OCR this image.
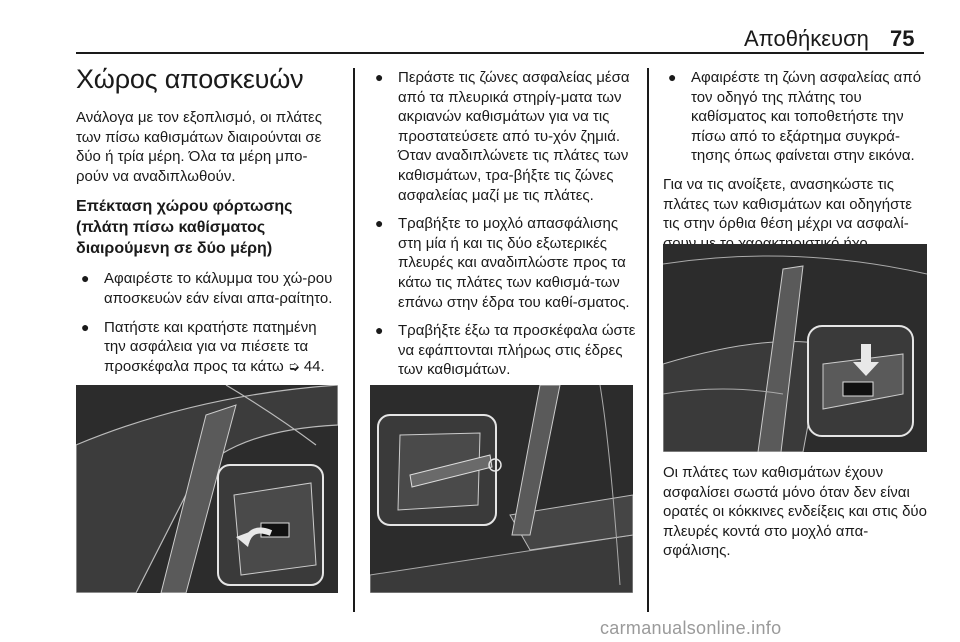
Αποθήκευση 75
Χώρος αποσκευών

Ανάλογα με τον εξοπλισμό, οι πλάτες των πίσω καθισμάτων διαιρούνται σε δύο ή τρία μέρη. Όλα τα μέρη μπο-ρούν να αναδιπλωθούν.

Επέκταση χώρου φόρτωσης (πλάτη πίσω καθίσματος διαιρούμενη σε δύο μέρη)
● Αφαιρέστε το κάλυμμα του χώ-ρου αποσκευών εάν είναι απα-ραίτητο.
● Πατήστε και κρατήστε πατημένη την ασφάλεια για να πιέσετε τα προσκέφαλα προς τα κάτω ➭ 44.
● Περάστε τις ζώνες ασφαλείας μέσα από τα πλευρικά στηρίγ-ματα των ακριανών καθισμάτων για να τις προστατεύσετε από τυ-χόν ζημιά. Όταν αναδιπλώνετε τις πλάτες των καθισμάτων, τρα-βήξτε τις ζώνες ασφαλείας μαζί με τις πλάτες.
● Τραβήξτε το μοχλό απασφάλισης στη μία ή και τις δύο εξωτερικές πλευρές και αναδιπλώστε προς τα κάτω τις πλάτες των καθισμά-των επάνω στην έδρα του καθί-σματος.
● Τραβήξτε έξω τα προσκέφαλα ώστε να εφάπτονται πλήρως στις έδρες των καθισμάτων.
● Αφαιρέστε τη ζώνη ασφαλείας από τον οδηγό της πλάτης του καθίσματος και τοποθετήστε την πίσω από το εξάρτημα συγκρά-τησης όπως φαίνεται στην εικόνα.

Για να τις ανοίξετε, ανασηκώστε τις πλάτες των καθισμάτων και οδηγήστε τις στην όρθια θέση μέχρι να ασφαλί-

Οι πλάτες των καθισμάτων έχουν ασφαλίσει σωστά μόνο όταν δεν είναι ορατές οι κόκκινες ενδείξεις και στις δύο πλευρές κοντά στο μοχλό απα-σφάλισης.
carmanualsonline.info
